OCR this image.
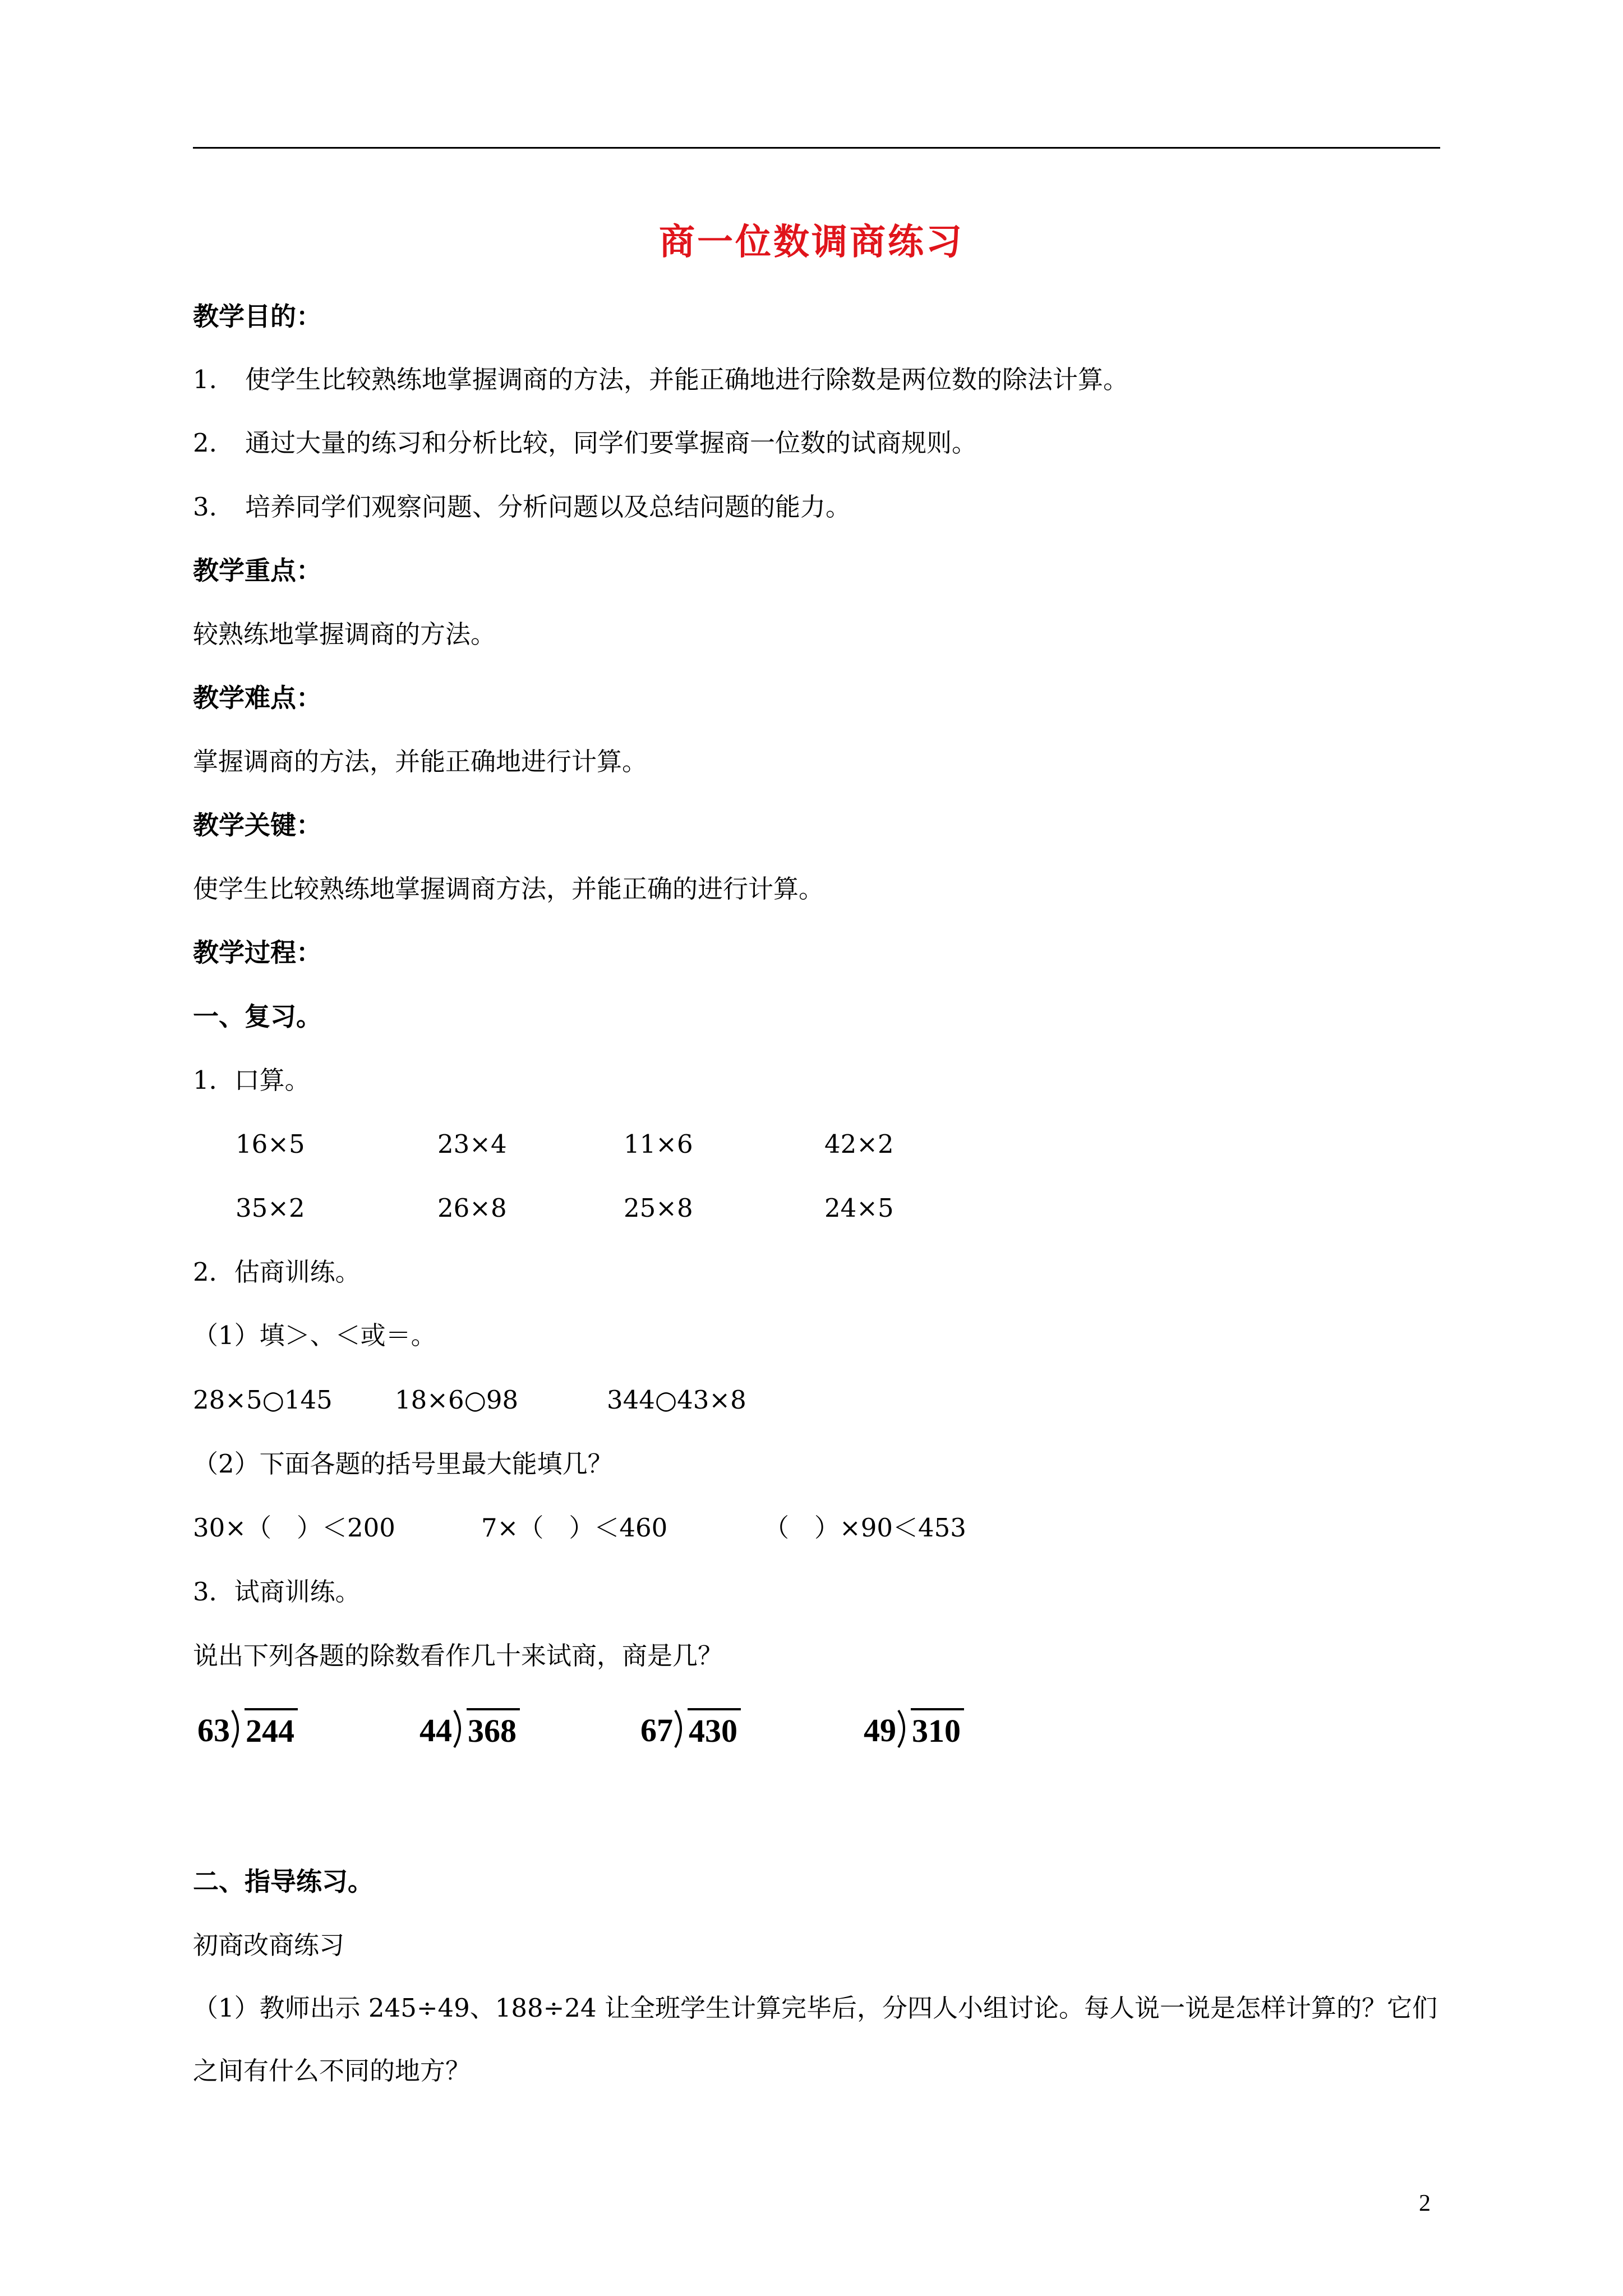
商一位数调商练习
教学目的：
1. 使学生比较熟练地掌握调商的方法，并能正确地进行除数是两位数的除法计算。
2. 通过大量的练习和分析比较，同学们要掌握商一位数的试商规则。
3. 培养同学们观察问题、分析问题以及总结问题的能力。
教学重点：
较熟练地掌握调商的方法。
教学难点：
掌握调商的方法，并能正确地进行计算。
教学关键：
使学生比较熟练地掌握调商方法，并能正确的进行计算。
教学过程：
一、复习。
1．口算。
16×5	23×4	11×6	42×2
35×2	26×8	25×8	24×5
2．估商训练。
（1）填＞、＜或＝。
28×5○145 18×6○98	344○43×8
（2）下面各题的括号里最大能填几？
30×（　）＜200	7×（　）＜460	（　）×90＜453
3．试商训练。
说出下列各题的除数看作几十来试商，商是几？
63 244	44 368	67 430	49 310
二、指导练习。
初商改商练习
（1）教师出示 245÷49、188÷24 让全班学生计算完毕后，分四人小组讨论。每人说一说是怎样计算的？它们之间有什么不同的地方？
2
